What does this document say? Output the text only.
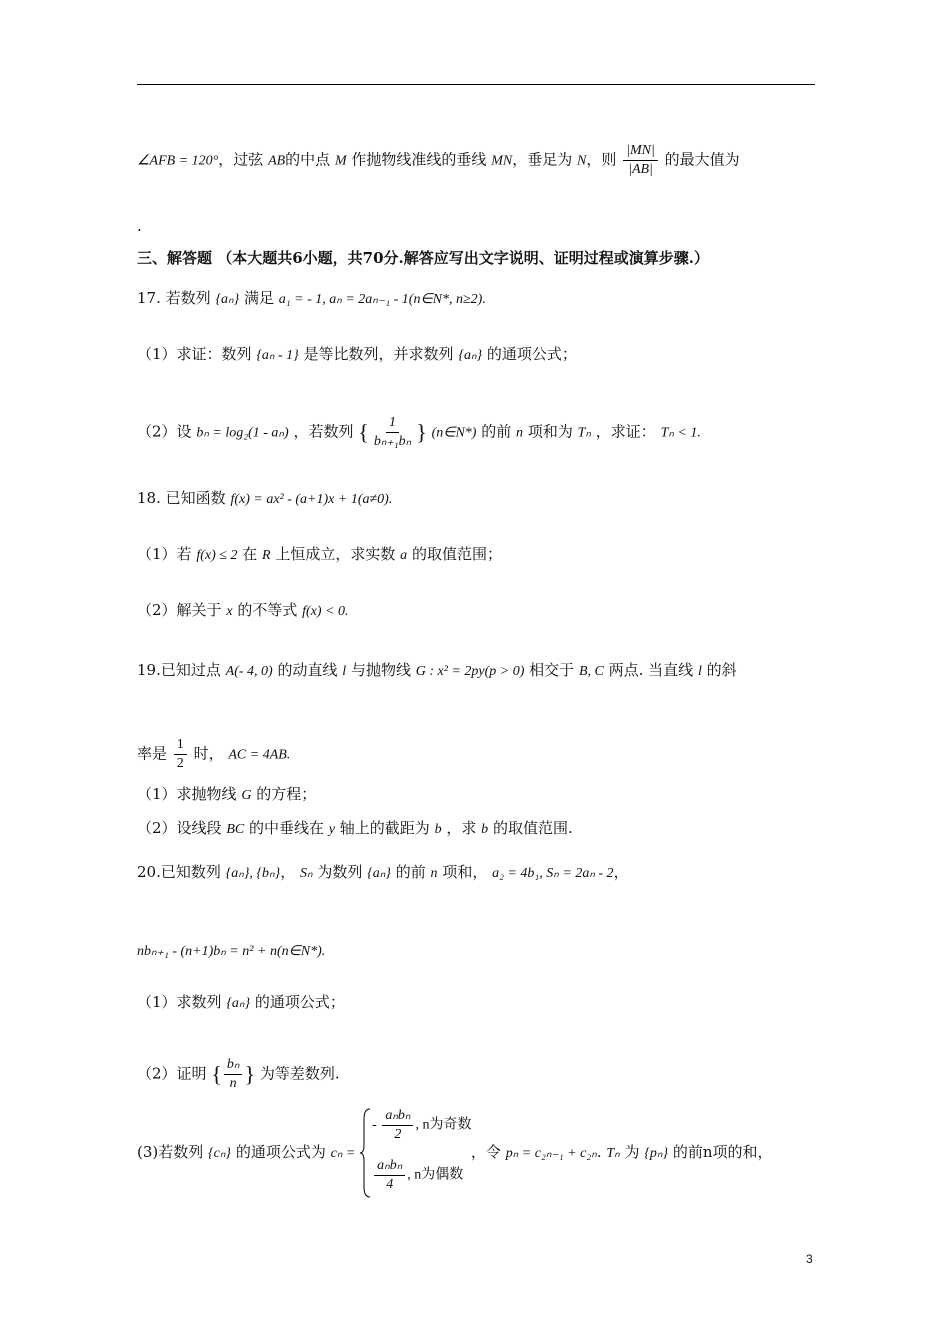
∠AFB = 120°，过弦 AB的中点 M 作抛物线准线的垂线 MN，垂足为 N，则 $\frac{|MN|}{|AB|}$ 的最大值为
.
三、解答题 （本大题共6小题，共70分.解答应写出文字说明、证明过程或演算步骤.）
17. 若数列 {aₙ} 满足 a₁ = - 1, aₙ = 2aₙ₋₁ - 1(n∈N*, n≥2).
（1）求证：数列 {aₙ - 1} 是等比数列，并求数列 {aₙ} 的通项公式；
（2）设 bₙ = log₂(1 - aₙ) ，若数列 { $\frac{1}{\text{bₙ₊₁bₙ}}$ } (n∈N*) 的前 n 项和为 Tₙ ，求证： Tₙ < 1.
18. 已知函数 f(x) = ax² - (a+1)x + 1(a≠0).
（1）若 f(x) ≤ 2 在 R 上恒成立，求实数 a 的取值范围；
（2）解关于 x 的不等式 f(x) < 0.
19.已知过点 A(- 4, 0) 的动直线 l 与抛物线 G : x² = 2py(p > 0) 相交于 B, C 两点. 当直线 l 的斜
率是 $\frac{1}{2}$ 时， AC = 4AB.
（1）求抛物线 G 的方程；
（2）设线段 BC 的中垂线在 y 轴上的截距为 b ，求 b 的取值范围.
20.已知数列 {aₙ}, {bₙ}， Sₙ 为数列 {aₙ} 的前 n 项和， a₂ = 4b₁, Sₙ = 2aₙ - 2，
nbₙ₊₁ - (n+1)bₙ = n² + n(n∈N*).
（1）求数列 {aₙ} 的通项公式；
（2）证明 { $\frac{\text{bₙ}}{n}$ } 为等差数列.
(3)若数列 {cₙ} 的通项公式为 cₙ =
- $\frac{\text{aₙbₙ}}{2}$ , n为奇数
$\frac{\text{aₙbₙ}}{4}$ , n为偶数
，令 pₙ = c₂ₙ₋₁ + c₂ₙ. Tₙ 为 {pₙ} 的前n项的和，
3
